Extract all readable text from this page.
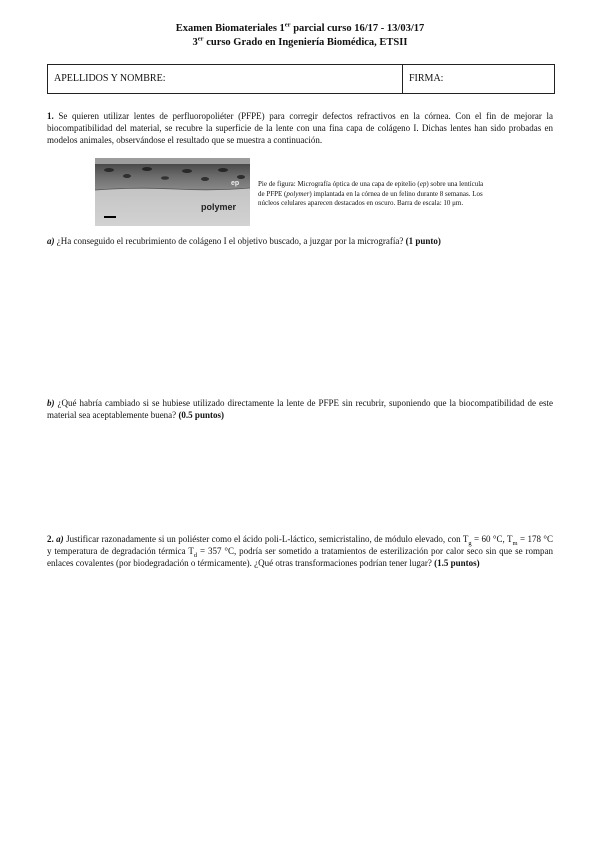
Examen Biomateriales 1er parcial curso 16/17 - 13/03/17
3er curso Grado en Ingeniería Biomédica, ETSII
APELLIDOS Y NOMBRE:	FIRMA:
1. Se quieren utilizar lentes de perfluoropoliéter (PFPE) para corregir defectos refractivos en la córnea. Con el fin de mejorar la biocompatibilidad del material, se recubre la superficie de la lente con una fina capa de colágeno I. Dichas lentes han sido probadas en modelos animales, observándose el resultado que se muestra a continuación.
ep
polymer
Pie de figura: Micrografía óptica de una capa de epitelio (ep) sobre una lentícula de PFPE (polymer) implantada en la córnea de un felino durante 8 semanas. Los núcleos celulares aparecen destacados en oscuro. Barra de escala: 10 μm.
a) ¿Ha conseguido el recubrimiento de colágeno I el objetivo buscado, a juzgar por la micrografía? (1 punto)
b) ¿Qué habría cambiado si se hubiese utilizado directamente la lente de PFPE sin recubrir, suponiendo que la biocompatibilidad de este material sea aceptablemente buena? (0.5 puntos)
2. a) Justificar razonadamente si un poliéster como el ácido poli-L-láctico, semicristalino, de módulo elevado, con $T_g = 60$ °C, $T_m = 178$ °C y temperatura de degradación térmica $T_d = 357$ °C, podría ser sometido a tratamientos de esterilización por calor seco sin que se rompan enlaces covalentes (por biodegradación o térmicamente). ¿Qué otras transformaciones podrían tener lugar? (1.5 puntos)
